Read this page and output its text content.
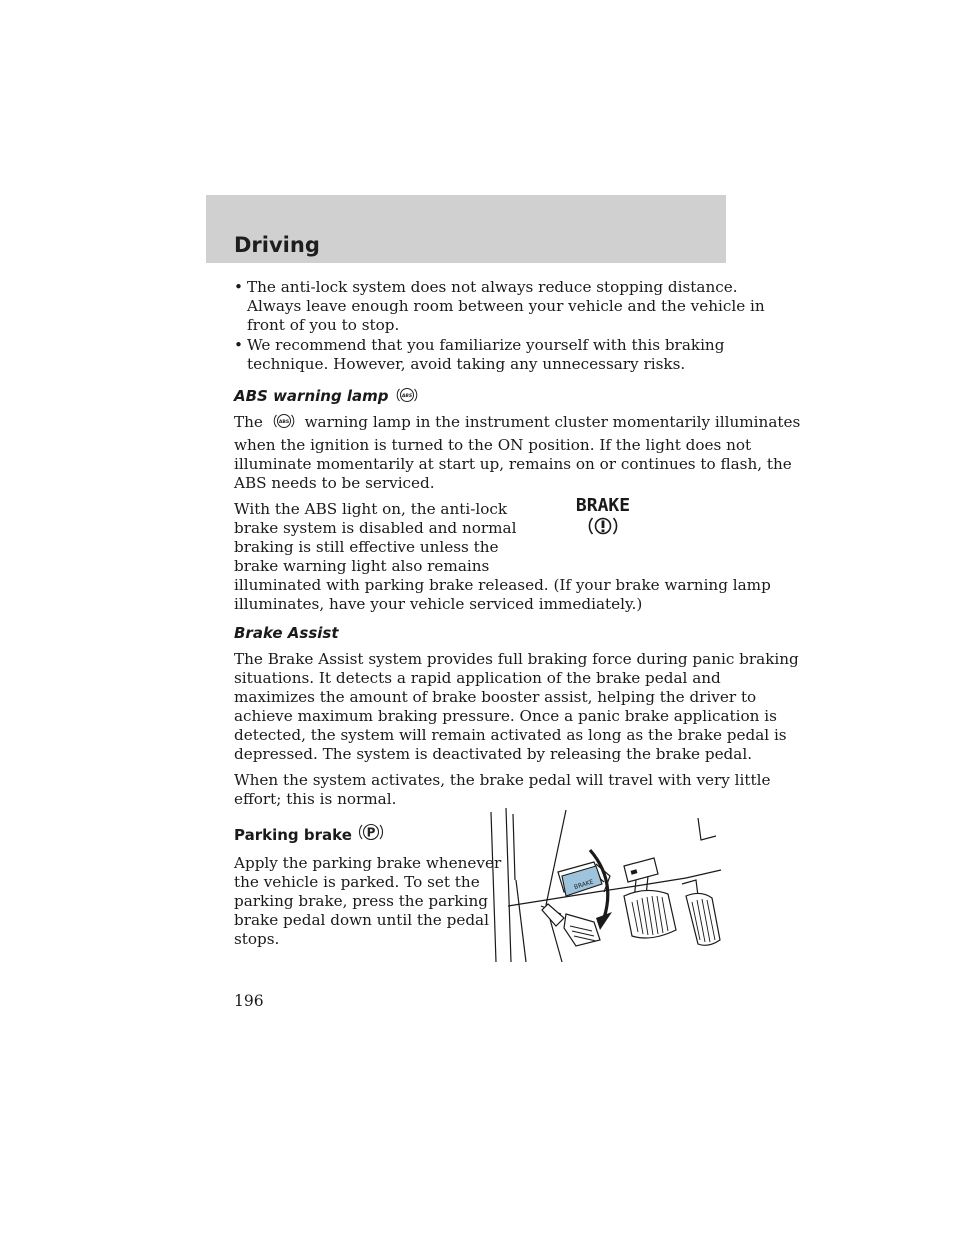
Driving
• The anti-lock system does not always reduce stopping distance.
Always leave enough room between your vehicle and the vehicle in
front of you to stop.
• We recommend that you familiarize yourself with this braking
technique. However, avoid taking any unnecessary risks.
ABS warning lamp	ABS
The	ABS warning lamp in the instrument cluster momentarily illuminates
when the ignition is turned to the ON position. If the light does not
illuminate momentarily at start up, remains on or continues to flash, the
ABS needs to be serviced.
With the ABS light on, the anti-lock
brake system is disabled and normal
braking is still effective unless the
brake warning light also remains
illuminated with parking brake released. (If your brake warning lamp
illuminates, have your vehicle serviced immediately.)
BRAKE
Brake Assist
The Brake Assist system provides full braking force during panic braking
situations. It detects a rapid application of the brake pedal and
maximizes the amount of brake booster assist, helping the driver to
achieve maximum braking pressure. Once a panic brake application is
detected, the system will remain activated as long as the brake pedal is
depressed. The system is deactivated by releasing the brake pedal.
When the system activates, the brake pedal will travel with very little
effort; this is normal.
Parking brake P
Apply the parking brake whenever
the vehicle is parked. To set the
parking brake, press the parking
brake pedal down until the pedal
stops.
BRAKE
196
